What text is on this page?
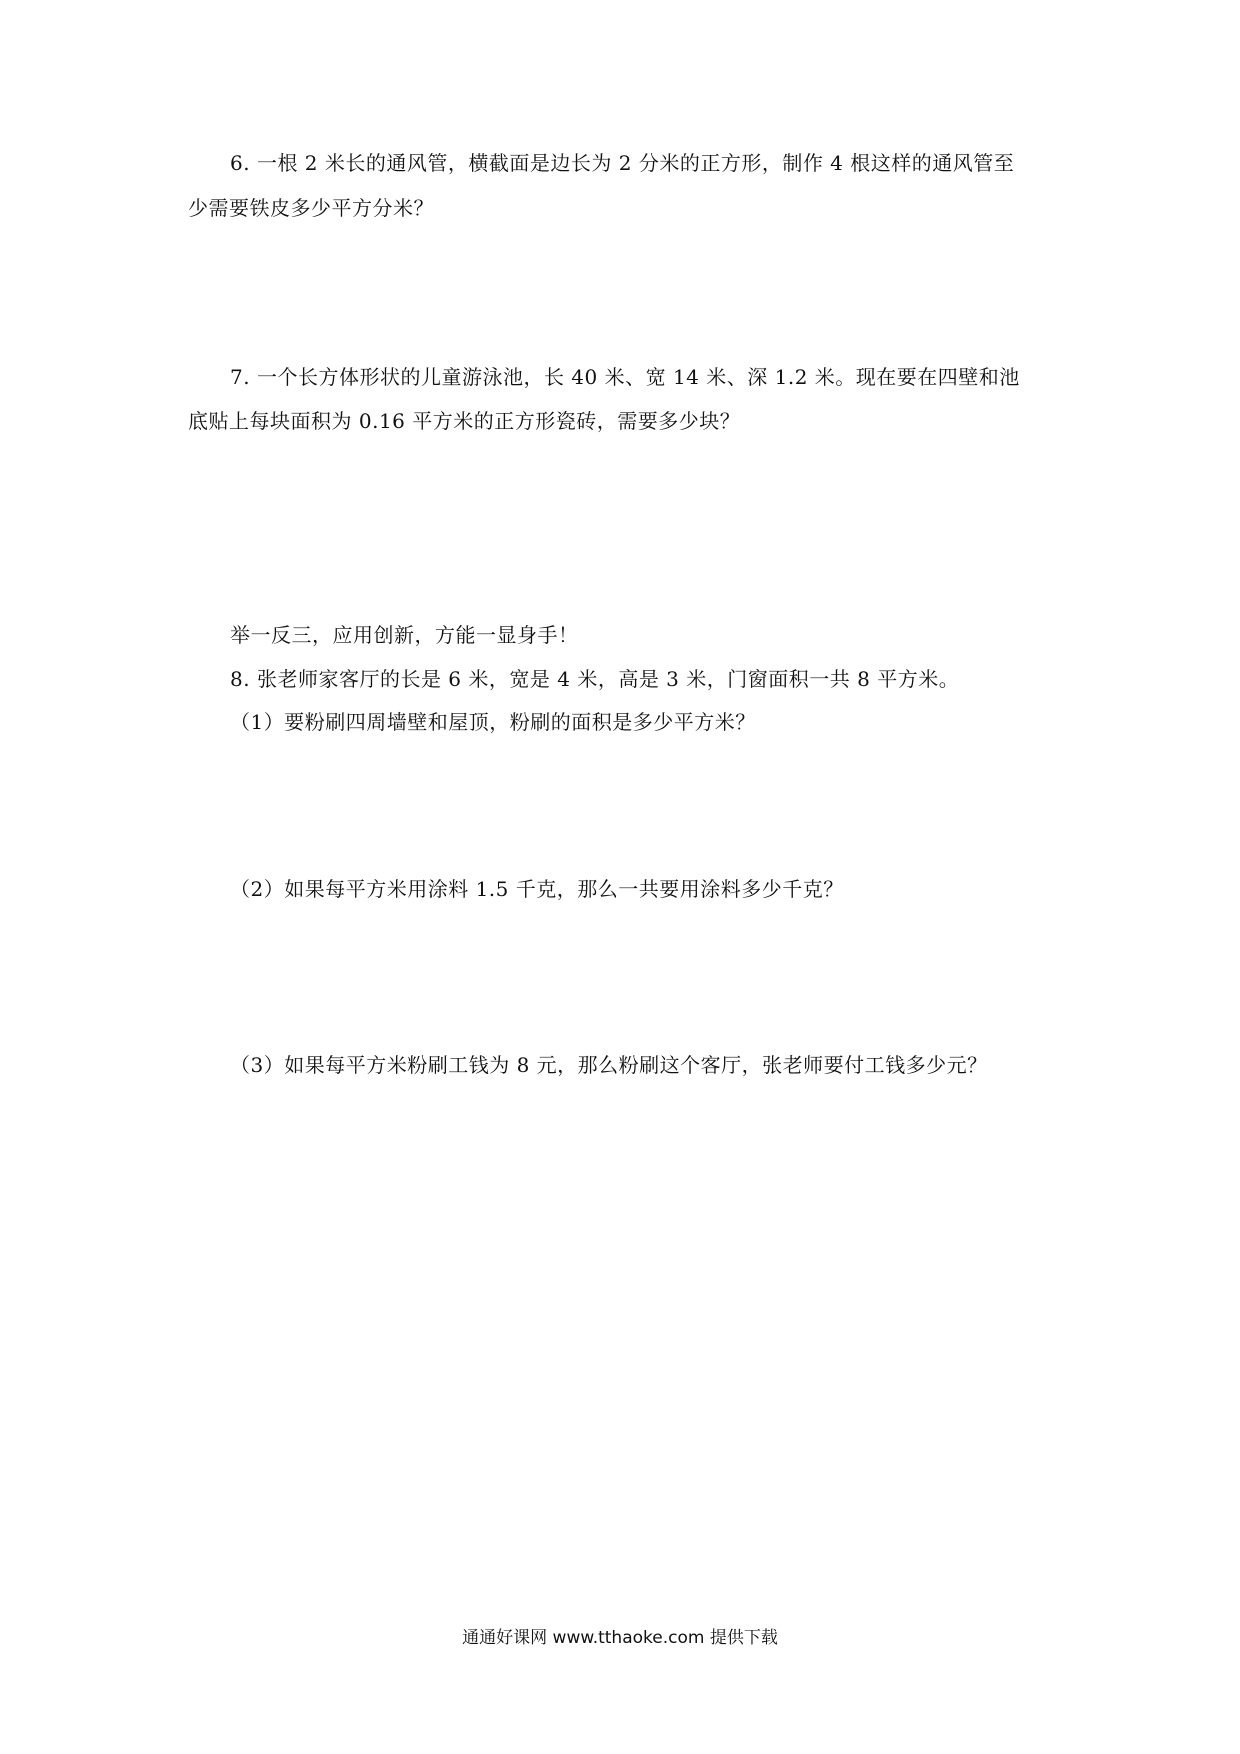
6. 一根 2 米长的通风管，横截面是边长为 2 分米的正方形，制作 4 根这样的通风管至
少需要铁皮多少平方分米？
7. 一个长方体形状的儿童游泳池，长 40 米、宽 14 米、深 1.2 米。现在要在四壁和池
底贴上每块面积为 0.16 平方米的正方形瓷砖，需要多少块？
举一反三，应用创新，方能一显身手！
8. 张老师家客厅的长是 6 米，宽是 4 米，高是 3 米，门窗面积一共 8 平方米。
（1）要粉刷四周墙壁和屋顶，粉刷的面积是多少平方米？
（2）如果每平方米用涂料 1.5 千克，那么一共要用涂料多少千克？
（3）如果每平方米粉刷工钱为 8 元，那么粉刷这个客厅，张老师要付工钱多少元？
通通好课网 www.tthaoke.com 提供下载
